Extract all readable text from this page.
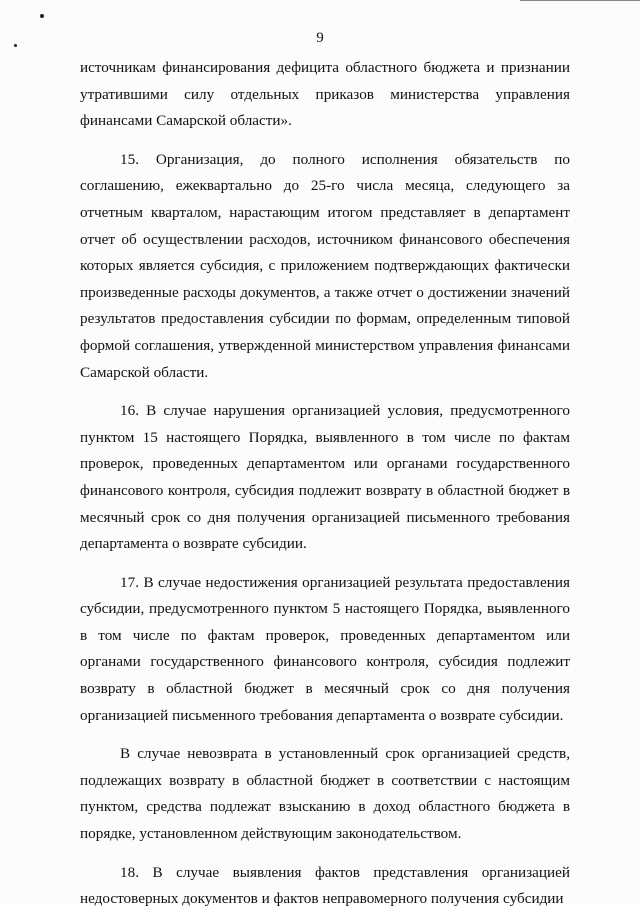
9

источникам финансирования дефицита областного бюджета и признании утратившими силу отдельных приказов министерства управления финансами Самарской области».

15. Организация, до полного исполнения обязательств по соглашению, ежеквартально до 25-го числа месяца, следующего за отчетным кварталом, нарастающим итогом представляет в департамент отчет об осуществлении расходов, источником финансового обеспечения которых является субсидия, с приложением подтверждающих фактически произведенные расходы документов, а также отчет о достижении значений результатов предоставления субсидии по формам, определенным типовой формой соглашения, утвержденной министерством управления финансами Самарской области.

16. В случае нарушения организацией условия, предусмотренного пунктом 15 настоящего Порядка, выявленного в том числе по фактам проверок, проведенных департаментом или органами государственного финансового контроля, субсидия подлежит возврату в областной бюджет в месячный срок со дня получения организацией письменного требования департамента о возврате субсидии.

17. В случае недостижения организацией результата предоставления субсидии, предусмотренного пунктом 5 настоящего Порядка, выявленного в том числе по фактам проверок, проведенных департаментом или органами государственного финансового контроля, субсидия подлежит возврату в областной бюджет в месячный срок со дня получения организацией письменного требования департамента о возврате субсидии.

В случае невозврата в установленный срок организацией средств, подлежащих возврату в областной бюджет в соответствии с настоящим пунктом, средства подлежат взысканию в доход областного бюджета в порядке, установленном действующим законодательством.

18. В случае выявления фактов представления организацией недостоверных документов и фактов неправомерного получения субсидии
